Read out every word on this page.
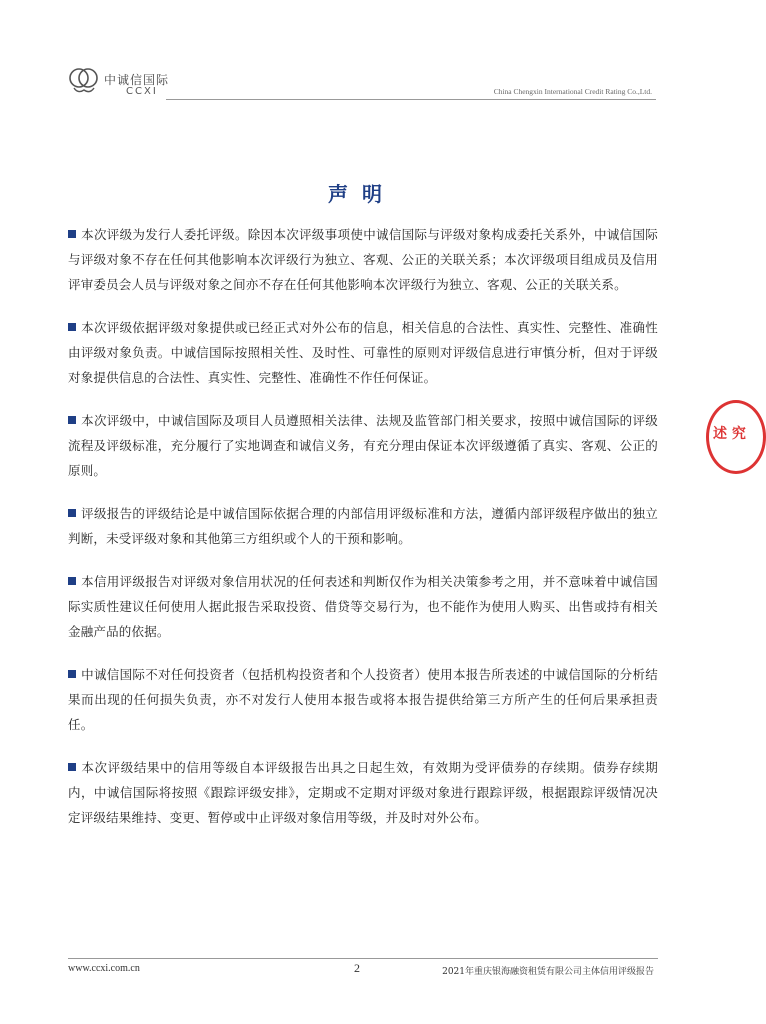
中诚信国际
CCXI	China Chengxin International Credit Rating Co.,Ltd.
声明

本次评级为发行人委托评级。除因本次评级事项使中诚信国际与评级对象构成委托关系外，中诚信国际与评级对象不存在任何其他影响本次评级行为独立、客观、公正的关联关系；本次评级项目组成员及信用评审委员会人员与评级对象之间亦不存在任何其他影响本次评级行为独立、客观、公正的关联关系。

本次评级依据评级对象提供或已经正式对外公布的信息，相关信息的合法性、真实性、完整性、准确性由评级对象负责。中诚信国际按照相关性、及时性、可靠性的原则对评级信息进行审慎分析，但对于评级对象提供信息的合法性、真实性、完整性、准确性不作任何保证。

本次评级中，中诚信国际及项目人员遵照相关法律、法规及监管部门相关要求，按照中诚信国际的评级流程及评级标准，充分履行了实地调查和诚信义务，有充分理由保证本次评级遵循了真实、客观、公正的原则。

评级报告的评级结论是中诚信国际依据合理的内部信用评级标准和方法，遵循内部评级程序做出的独立判断，未受评级对象和其他第三方组织或个人的干预和影响。

本信用评级报告对评级对象信用状况的任何表述和判断仅作为相关决策参考之用，并不意味着中诚信国际实质性建议任何使用人据此报告采取投资、借贷等交易行为，也不能作为使用人购买、出售或持有相关金融产品的依据。

中诚信国际不对任何投资者（包括机构投资者和个人投资者）使用本报告所表述的中诚信国际的分析结果而出现的任何损失负责，亦不对发行人使用本报告或将本报告提供给第三方所产生的任何后果承担责任。

本次评级结果中的信用等级自本评级报告出具之日起生效，有效期为受评债券的存续期。债券存续期内，中诚信国际将按照《跟踪评级安排》，定期或不定期对评级对象进行跟踪评级，根据跟踪评级情况决定评级结果维持、变更、暂停或中止评级对象信用等级，并及时对外公布。

述 究
www.ccxi.com.cn	2	2021年重庆银海融资租赁有限公司主体信用评级报告
